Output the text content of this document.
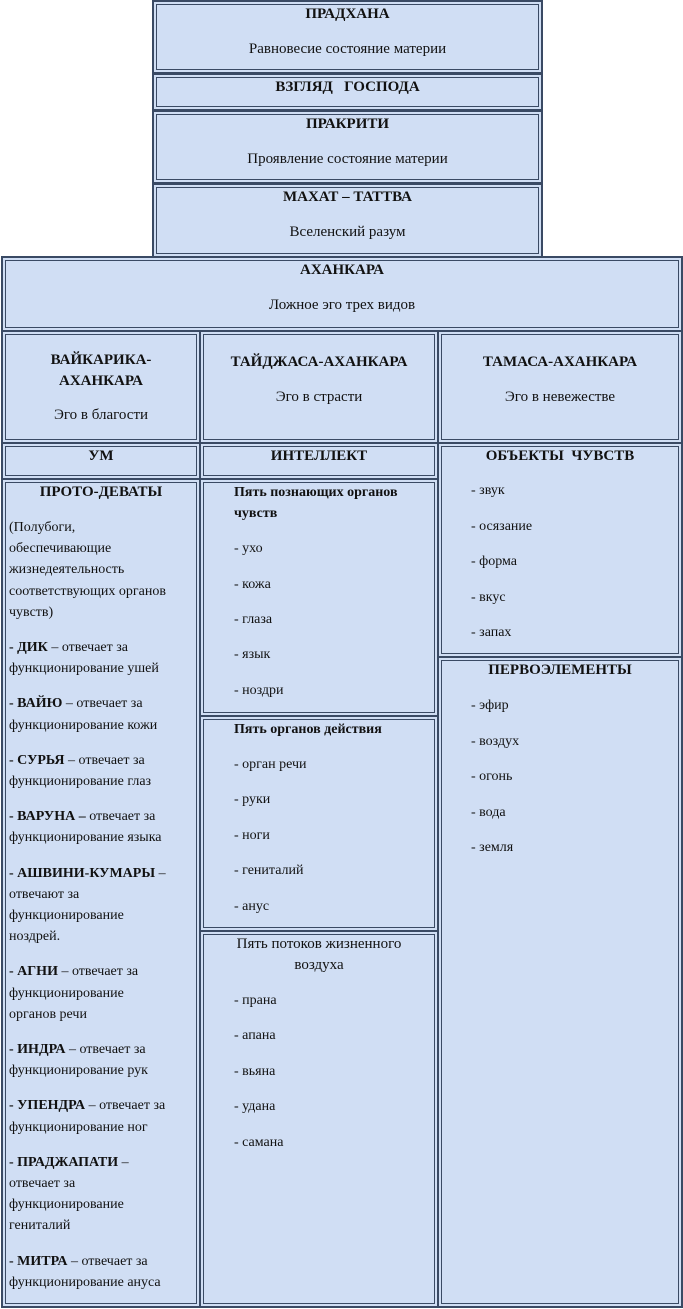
ПРАДХАНА
Равновесие состояние материи
ВЗГЛЯД   ГОСПОДА
ПРАКРИТИ
Проявление состояние материи
МАХАТ – ТАТТВА
Вселенский разум
АХАНКАРА
Ложное эго трех видов
ВАЙКАРИКА-
АХАНКАРА
Эго в благости
ТАЙДЖАСА-АХАНКАРА
Эго в страсти
ТАМАСА-АХАНКАРА
Эго в невежестве
УМ	ИНТЕЛЛЕКТ	ОБЪЕКТЫ  ЧУВСТВ
- звук
- осязание
- форма
- вкус
- запах
ПЕРВОЭЛЕМЕНТЫ
- эфир
- воздух
- огонь
- вода
- земля
ПРОТО-ДЕВАТЫ
(Полубоги,
обеспечивающие
жизнедеятельность
соответствующих органов
чувств)
- ДИК – отвечает за
функционирование ушей
- ВАЙЮ – отвечает за
функционирование кожи
- СУРЬЯ – отвечает за
функционирование глаз
- ВАРУНА – отвечает за
функционирование языка
- АШВИНИ-КУМАРЫ –
отвечают за
функционирование
ноздрей.
- АГНИ – отвечает за
функционирование
органов речи
- ИНДРА – отвечает за
функционирование рук
- УПЕНДРА – отвечает за
функционирование ног
- ПРАДЖАПАТИ –
отвечает за
функционирование
гениталий
- МИТРА – отвечает за
функционирование ануса
Пять познающих органов
чувств
- ухо
- кожа
- глаза
- язык
- ноздри
Пять органов действия
- орган речи
- руки
- ноги
- гениталий
- анус
Пять потоков жизненного
воздуха
- прана
- апана
- вьяна
- удана
- самана
